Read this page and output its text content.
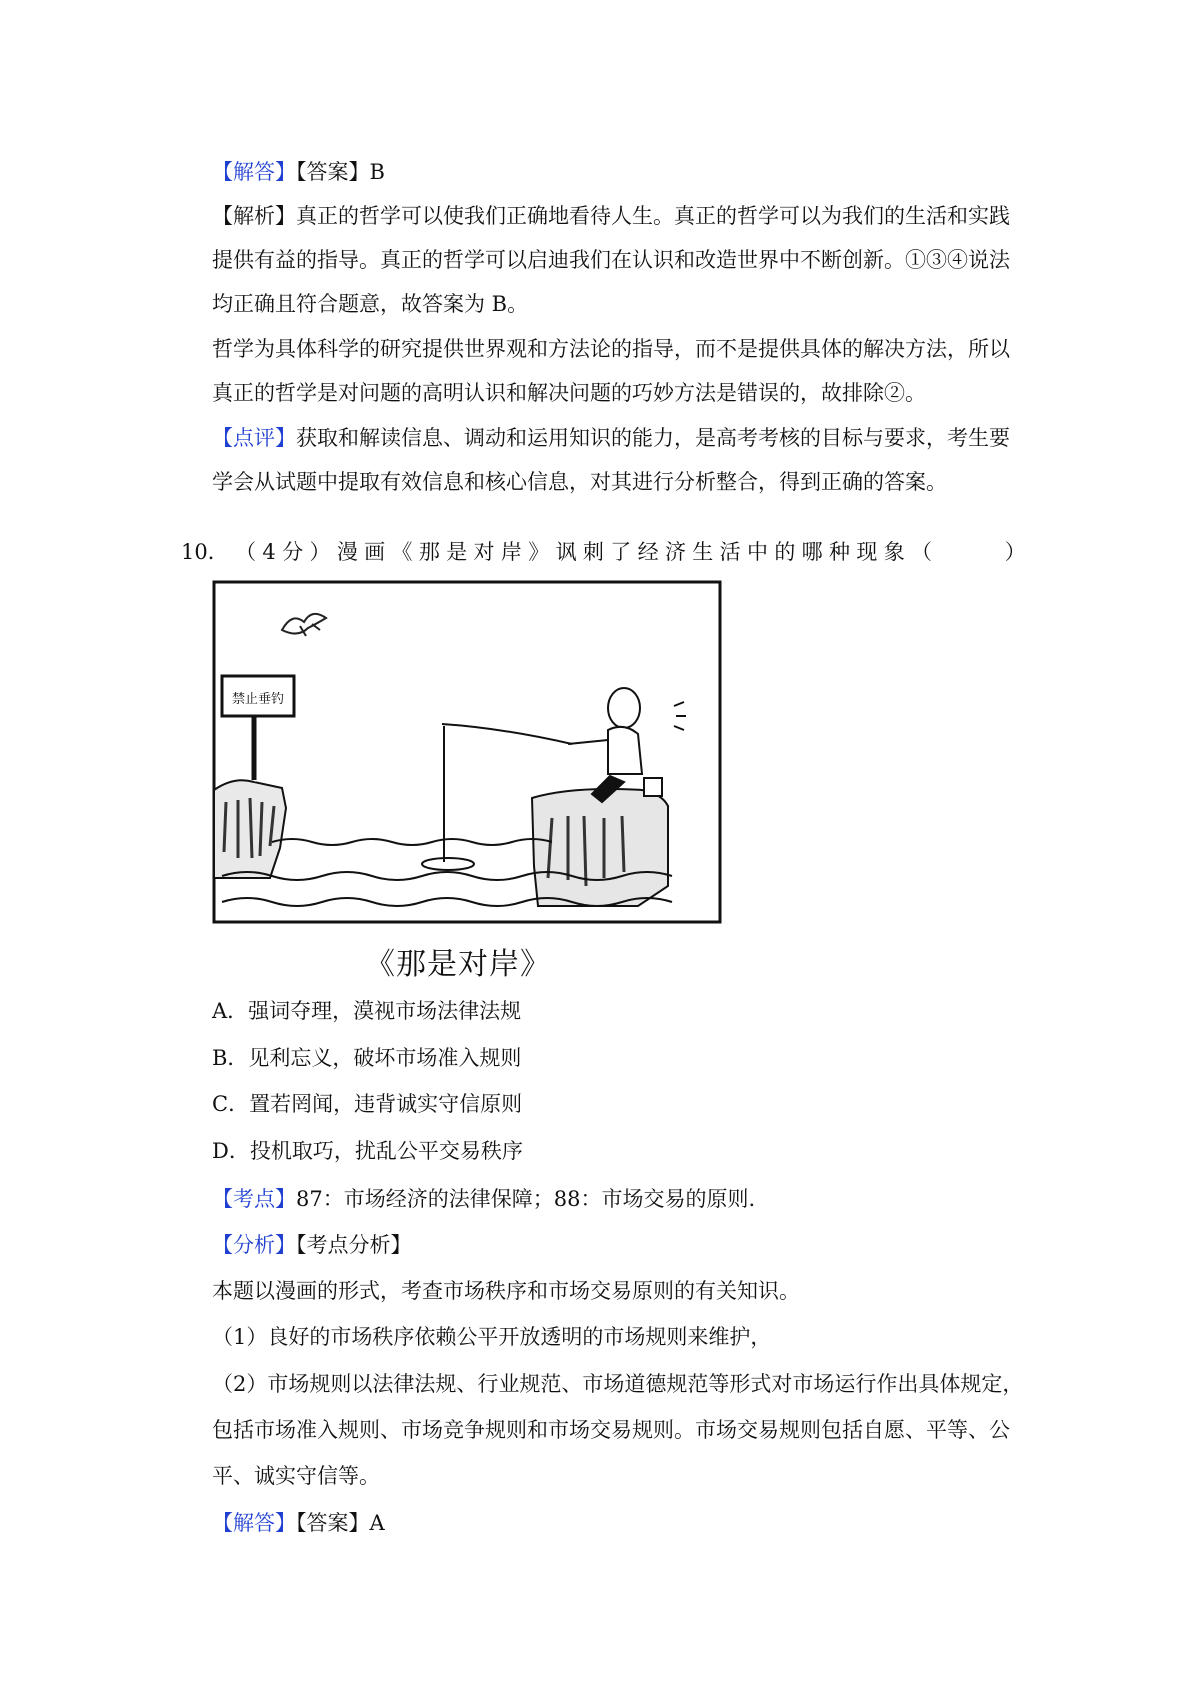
【解答】【答案】B
【解析】真正的哲学可以使我们正确地看待人生。真正的哲学可以为我们的生活和实践
提供有益的指导。真正的哲学可以启迪我们在认识和改造世界中不断创新。①③④说法
均正确且符合题意，故答案为 B。
哲学为具体科学的研究提供世界观和方法论的指导，而不是提供具体的解决方法，所以
真正的哲学是对问题的高明认识和解决问题的巧妙方法是错误的，故排除②。
【点评】获取和解读信息、调动和运用知识的能力，是高考考核的目标与要求，考生要
学会从试题中提取有效信息和核心信息，对其进行分析整合，得到正确的答案。
10． （ 4 分 ） 漫 画 《 那 是 对 岸 》 讽 刺 了 经 济 生 活 中 的 哪 种 现 象 （	）
禁止垂钓
《那是对岸》
A．强词夺理，漠视市场法律法规
B．见利忘义，破坏市场准入规则
C．置若罔闻，违背诚实守信原则
D．投机取巧，扰乱公平交易秩序
【考点】87：市场经济的法律保障；88：市场交易的原则.
【分析】【考点分析】
本题以漫画的形式，考查市场秩序和市场交易原则的有关知识。
（1）良好的市场秩序依赖公平开放透明的市场规则来维护，
（2）市场规则以法律法规、行业规范、市场道德规范等形式对市场运行作出具体规定，
包括市场准入规则、市场竞争规则和市场交易规则。市场交易规则包括自愿、平等、公
平、诚实守信等。
【解答】【答案】A
